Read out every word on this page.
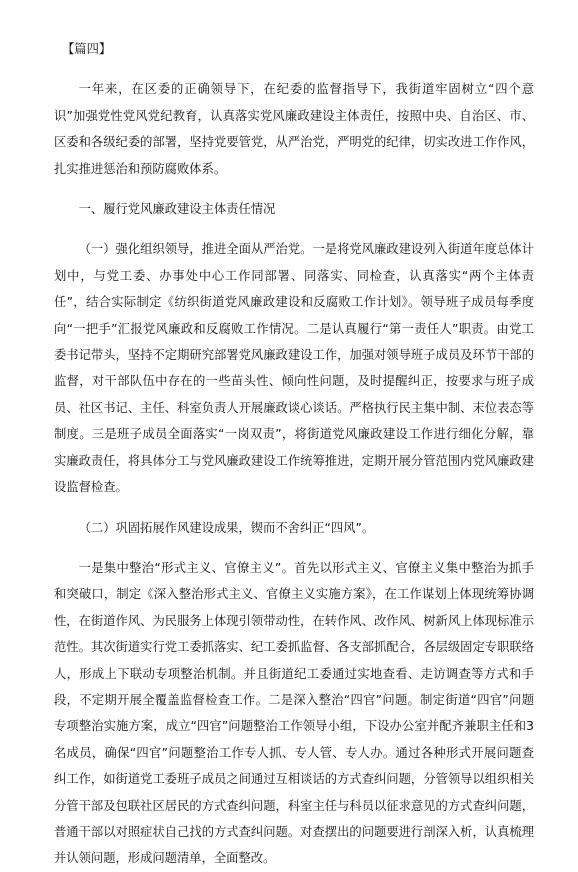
【篇四】

一年来，在区委的正确领导下，在纪委的监督指导下，我街道牢固树立“四个意识”加强党性党风党纪教育，认真落实党风廉政建设主体责任，按照中央、自治区、市、区委和各级纪委的部署，坚持党要管党，从严治党，严明党的纪律，切实改进工作作风，扎实推进惩治和预防腐败体系。

一、履行党风廉政建设主体责任情况

（一）强化组织领导，推进全面从严治党。一是将党风廉政建设列入街道年度总体计划中，与党工委、办事处中心工作同部署、同落实、同检查，认真落实“两个主体责任”，结合实际制定《纺织街道党风廉政建设和反腐败工作计划》。领导班子成员每季度向“一把手”汇报党风廉政和反腐败工作情况。二是认真履行“第一责任人”职责。由党工委书记带头，坚持不定期研究部署党风廉政建设工作，加强对领导班子成员及环节干部的监督，对干部队伍中存在的一些苗头性、倾向性问题，及时提醒纠正，按要求与班子成员、社区书记、主任、科室负责人开展廉政谈心谈话。严格执行民主集中制、末位表态等制度。三是班子成员全面落实“一岗双责”，将街道党风廉政建设工作进行细化分解，靠实廉政责任，将具体分工与党风廉政建设工作统筹推进，定期开展分管范围内党风廉政建设监督检查。

（二）巩固拓展作风建设成果，锲而不舍纠正“四风”。

一是集中整治“形式主义、官僚主义”。首先以形式主义、官僚主义集中整治为抓手和突破口，制定《深入整治形式主义、官僚主义实施方案》，在工作谋划上体现统筹协调性，在街道作风、为民服务上体现引领带动性，在转作风、改作风、树新风上体现标准示范性。其次街道实行党工委抓落实、纪工委抓监督、各支部抓配合，各层级固定专职联络人，形成上下联动专项整治机制。并且街道纪工委通过实地查看、走访调查等方式和手段，不定期开展全覆盖监督检查工作。二是深入整治“四官”问题。制定街道“四官”问题专项整治实施方案，成立“四官”问题整治工作领导小组，下设办公室并配齐兼职主任和3名成员，确保“四官”问题整治工作专人抓、专人管、专人办。通过各种形式开展问题查纠工作，如街道党工委班子成员之间通过互相谈话的方式查纠问题，分管领导以组织相关分管干部及包联社区居民的方式查纠问题，科室主任与科员以征求意见的方式查纠问题，普通干部以对照症状自己找的方式查纠问题。对查摆出的问题要进行剖深入析，认真梳理并认领问题，形成问题清单，全面整改。
